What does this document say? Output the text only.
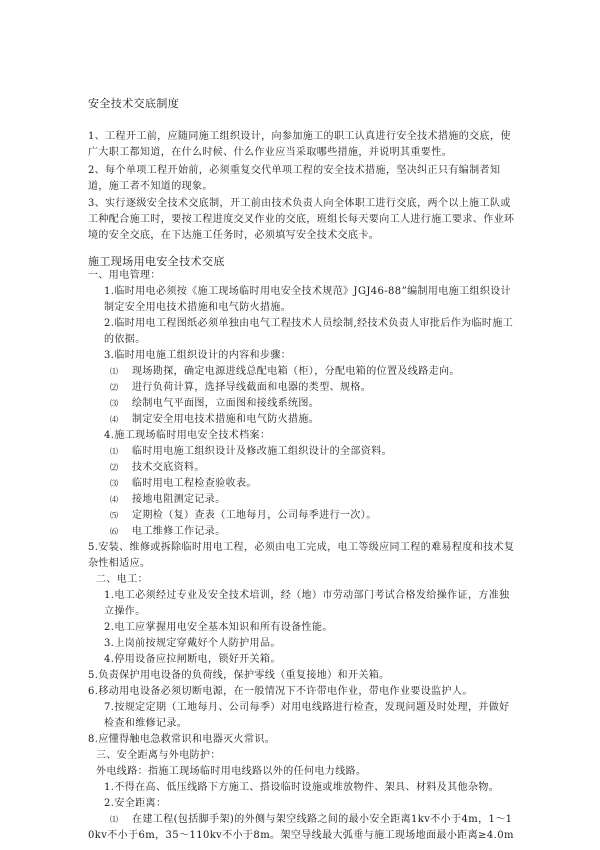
安全技术交底制度
1、工程开工前，应随同施工组织设计，向参加施工的职工认真进行安全技术措施的交底，使广大职工都知道，在什么时候、什么作业应当采取哪些措施，并说明其重要性。
2、每个单项工程开始前，必须重复交代单项工程的安全技术措施，坚决纠正只有编制者知道，施工者不知道的现象。
3、实行逐级安全技术交底制，开工前由技术负责人向全体职工进行交底，两个以上施工队或工种配合施工时，要按工程进度交叉作业的交底，班组长每天要向工人进行施工要求、作业环境的安全交底，在下达施工任务时，必须填写安全技术交底卡。
施工现场用电安全技术交底
一、用电管理：
1.临时用电必须按《施工现场临时用电安全技术规范》JGJ46-88”编制用电施工组织设计制定安全用电技术措施和电气防火措施。
2.临时用电工程图纸必须单独由电气工程技术人员绘制,经技术负责人审批后作为临时施工的依据。
3.临时用电施工组织设计的内容和步骤：
⑴ 现场勘探，确定电源进线总配电箱（柜），分配电箱的位置及线路走向。
⑵ 进行负荷计算，选择导线截面和电器的类型、规格。
⑶ 绘制电气平面图，立面图和接线系统图。
⑷ 制定安全用电技术措施和电气防火措施。
4.施工现场临时用电安全技术档案：
⑴ 临时用电施工组织设计及修改施工组织设计的全部资料。
⑵ 技术交底资料。
⑶ 临时用电工程检查验收表。
⑷ 接地电阻测定记录。
⑸ 定期检（复）查表（工地每月，公司每季进行一次）。
⑹ 电工维修工作记录。
5.安装、维修或拆除临时用电工程，必须由电工完成，电工等级应同工程的难易程度和技术复杂性相适应。
二、电工：
1.电工必须经过专业及安全技术培训，经（地）市劳动部门考试合格发给操作证，方准独立操作。
2.电工应掌握用电安全基本知识和所有设备性能。
3.上岗前按规定穿戴好个人防护用品。
4.停用设备应拉闸断电，锁好开关箱。
5.负责保护用电设备的负荷线，保护零线（重复接地）和开关箱。
6.移动用电设备必须切断电源，在一般情况下不许带电作业，带电作业要设监护人。
7.按规定定期（工地每月、公司每季）对用电线路进行检查，发现问题及时处理，并做好检查和维修记录。
8.应懂得触电急救常识和电器灭火常识。
三、安全距离与外电防护：
外电线路：指施工现场临时用电线路以外的任何电力线路。
1.不得在高、低压线路下方施工、搭设临时设施或堆放物件、架具、材料及其他杂物。
2.安全距离：
⑴ 在建工程(包括脚手架)的外侧与架空线路之间的最小安全距离1kv不小于4m，1～10kv不小于6m，35～110kv不小于8m。架空导线最大弧垂与施工现场地面最小距离≥4.0m
